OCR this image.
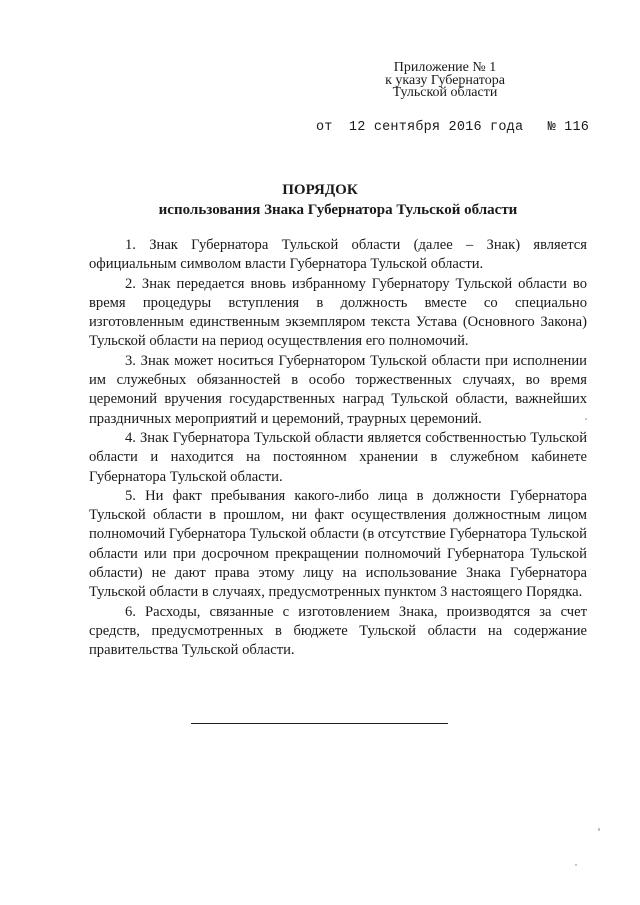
Приложение № 1
к указу Губернатора
Тульской области
от 12 сентября 2016 года № 116
ПОРЯДОК
использования Знака Губернатора Тульской области

1. Знак Губернатора Тульской области (далее – Знак) является официальным символом власти Губернатора Тульской области.

2. Знак передается вновь избранному Губернатору Тульской области во время процедуры вступления в должность вместе со специально изготовленным единственным экземпляром текста Устава (Основного Закона) Тульской области на период осуществления его полномочий.

3. Знак может носиться Губернатором Тульской области при исполнении им служебных обязанностей в особо торжественных случаях, во время церемоний вручения государственных наград Тульской области, важнейших праздничных мероприятий и церемоний, траурных церемоний.

4. Знак Губернатора Тульской области является собственностью Тульской области и находится на постоянном хранении в служебном кабинете Губернатора Тульской области.

5. Ни факт пребывания какого-либо лица в должности Губернатора Тульской области в прошлом, ни факт осуществления должностным лицом полномочий Губернатора Тульской области (в отсутствие Губернатора Тульской области или при досрочном прекращении полномочий Губернатора Тульской области) не дают права этому лицу на использование Знака Губернатора Тульской области в случаях, предусмотренных пунктом 3 настоящего Порядка.

6. Расходы, связанные с изготовлением Знака, производятся за счет средств, предусмотренных в бюджете Тульской области на содержание правительства Тульской области.
